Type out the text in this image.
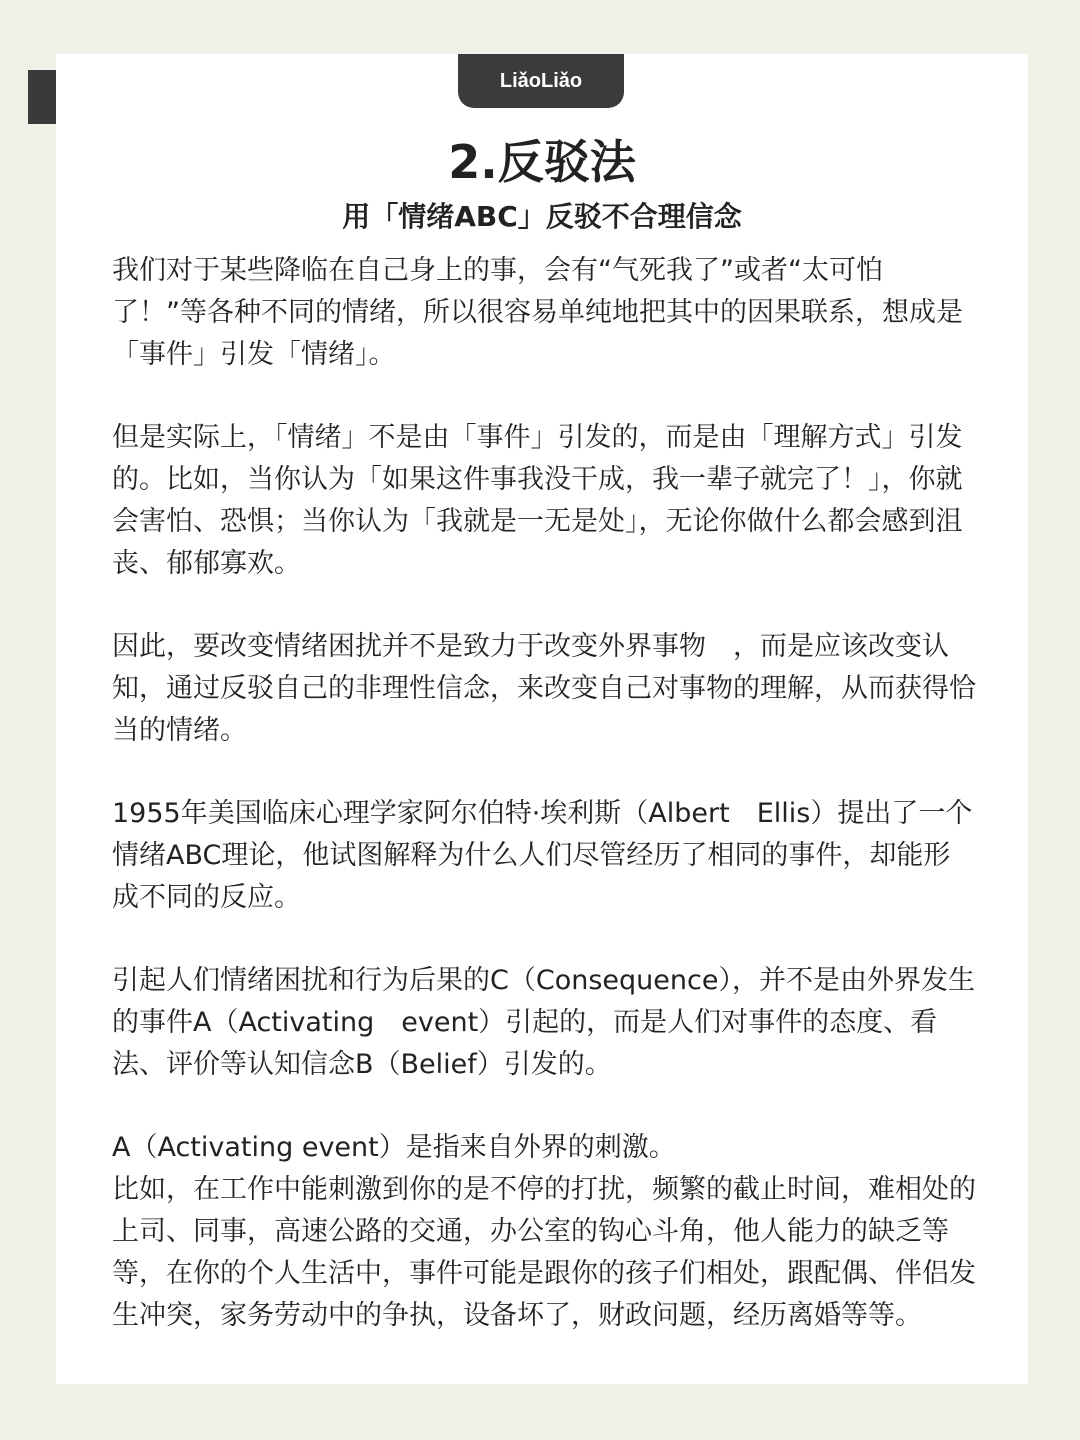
LiǎoLiǎo
2.反驳法
用「情绪ABC」反驳不合理信念

我们对于某些降临在自己身上的事，会有“气死我了”或者“太可怕了！”等各种不同的情绪，所以很容易单纯地把其中的因果联系，想成是「事件」引发「情绪」。

但是实际上，「情绪」不是由「事件」引发的，而是由「理解方式」引发的。比如，当你认为「如果这件事我没干成，我一辈子就完了！」，你就会害怕、恐惧；当你认为「我就是一无是处」，无论你做什么都会感到沮丧、郁郁寡欢。

因此，要改变情绪困扰并不是致力于改变外界事物　，而是应该改变认知，通过反驳自己的非理性信念，来改变自己对事物的理解，从而获得恰当的情绪。

1955年美国临床心理学家阿尔伯特·埃利斯（Albert　Ellis）提出了一个情绪ABC理论，他试图解释为什么人们尽管经历了相同的事件，却能形成不同的反应。

引起人们情绪困扰和行为后果的C（Consequence），并不是由外界发生的事件A（Activating　event）引起的，而是人们对事件的态度、看法、评价等认知信念B（Belief）引发的。

A（Activating event）是指来自外界的刺激。

比如，在工作中能刺激到你的是不停的打扰，频繁的截止时间，难相处的上司、同事，高速公路的交通，办公室的钩心斗角，他人能力的缺乏等等，在你的个人生活中，事件可能是跟你的孩子们相处，跟配偶、伴侣发生冲突，家务劳动中的争执，设备坏了，财政问题，经历离婚等等。
